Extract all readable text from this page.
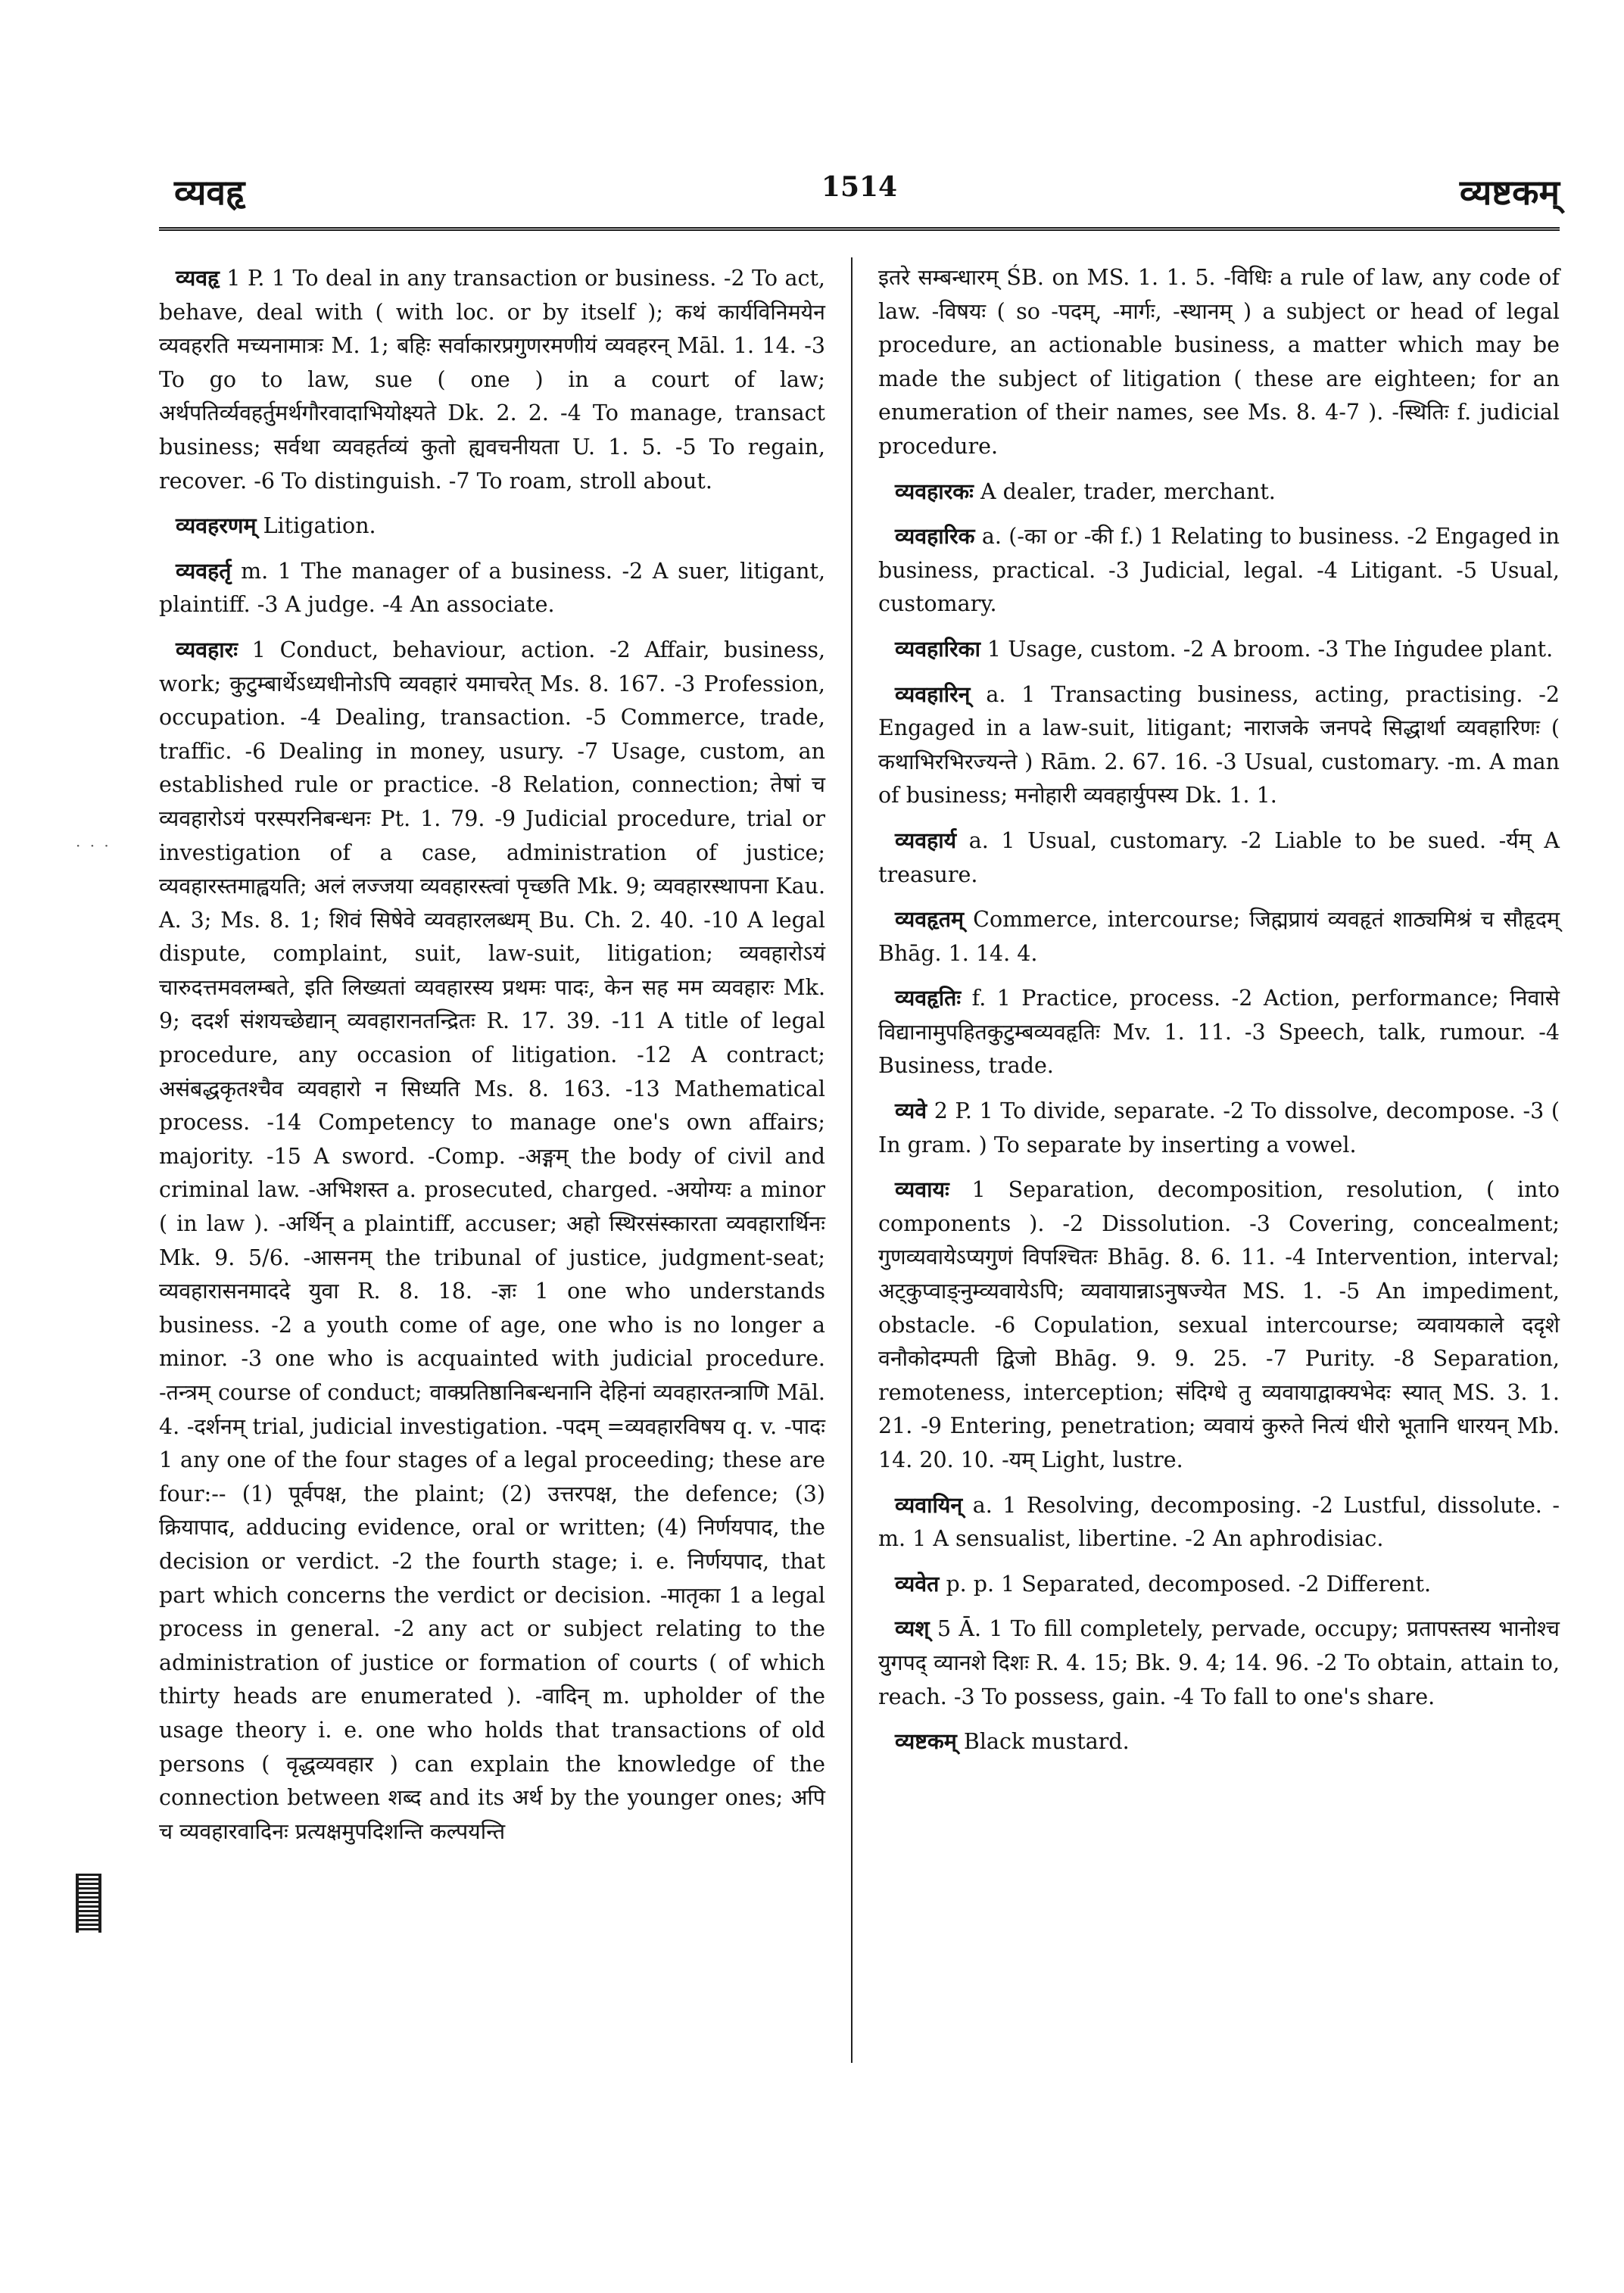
व्यवहृ	1514	व्यष्टकम्
· · ·

व्यवहृ 1 P. 1 To deal in any transaction or business. -2 To act, behave, deal with ( with loc. or by itself ); कथं कार्यविनिमयेन व्यवहरति मच्यनामात्रः M. 1; बहिः सर्वाकारप्रगुणरमणीयं व्यवहरन् Māl. 1. 14. -3 To go to law, sue ( one ) in a court of law; अर्थपतिर्व्यवहर्तुमर्थगौरवादाभियोक्ष्यते Dk. 2. 2. -4 To manage, transact business; सर्वथा व्यवहर्तव्यं कुतो ह्यवचनीयता U. 1. 5. -5 To regain, recover. -6 To distinguish. -7 To roam, stroll about.

व्यवहरणम् Litigation.

व्यवहर्तृ m. 1 The manager of a business. -2 A suer, litigant, plaintiff. -3 A judge. -4 An associate.

व्यवहारः 1 Conduct, behaviour, action. -2 Affair, business, work; कुटुम्बार्थेऽध्यधीनोऽपि व्यवहारं यमाचरेत् Ms. 8. 167. -3 Profession, occupation. -4 Dealing, transaction. -5 Commerce, trade, traffic. -6 Dealing in money, usury. -7 Usage, custom, an established rule or practice. -8 Relation, connection; तेषां च व्यवहारोऽयं परस्परनिबन्धनः Pt. 1. 79. -9 Judicial procedure, trial or investigation of a case, administration of justice; व्यवहारस्तमाह्वयति; अलं लज्जया व्यवहारस्त्वां पृच्छति Mk. 9; व्यवहारस्थापना Kau. A. 3; Ms. 8. 1; शिवं सिषेवे व्यवहारलब्धम् Bu. Ch. 2. 40. -10 A legal dispute, complaint, suit, law-suit, litigation; व्यवहारोऽयं चारुदत्तमवलम्बते, इति लिख्यतां व्यवहारस्य प्रथमः पादः, केन सह मम व्यवहारः Mk. 9; ददर्श संशयच्छेद्यान् व्यवहारानतन्द्रितः R. 17. 39. -11 A title of legal procedure, any occasion of litigation. -12 A contract; असंबद्धकृतश्चैव व्यवहारो न सिध्यति Ms. 8. 163. -13 Mathematical process. -14 Competency to manage one's own affairs; majority. -15 A sword. -Comp. -अङ्गम् the body of civil and criminal law. -अभिशस्त a. prosecuted, charged. -अयोग्यः a minor ( in law ). -अर्थिन् a plaintiff, accuser; अहो स्थिरसंस्कारता व्यवहारार्थिनः Mk. 9. 5/6. -आसनम् the tribunal of justice, judgment-seat; व्यवहारासनमाददे युवा R. 8. 18. -ज्ञः 1 one who understands business. -2 a youth come of age, one who is no longer a minor. -3 one who is acquainted with judicial procedure. -तन्त्रम् course of conduct; वाक्प्रतिष्ठानिबन्धनानि देहिनां व्यवहारतन्त्राणि Māl. 4. -दर्शनम् trial, judicial investigation. -पदम् =व्यवहारविषय q. v. -पादः 1 any one of the four stages of a legal proceeding; these are four:-- (1) पूर्वपक्ष, the plaint; (2) उत्तरपक्ष, the defence; (3) क्रियापाद, adducing evidence, oral or written; (4) निर्णयपाद, the decision or verdict. -2 the fourth stage; i. e. निर्णयपाद, that part which concerns the verdict or decision. -मातृका 1 a legal process in general. -2 any act or subject relating to the administration of justice or formation of courts ( of which thirty heads are enumerated ). -वादिन् m. upholder of the usage theory i. e. one who holds that transactions of old persons ( वृद्धव्यवहार ) can explain the knowledge of the connection between शब्द and its अर्थ by the younger ones; अपि च व्यवहारवादिनः प्रत्यक्षमुपदिशन्ति कल्पयन्ति

इतरे सम्बन्धारम् ŚB. on MS. 1. 1. 5. -विधिः a rule of law, any code of law. -विषयः ( so -पदम्, -मार्गः, -स्थानम् ) a subject or head of legal procedure, an actionable business, a matter which may be made the subject of litigation ( these are eighteen; for an enumeration of their names, see Ms. 8. 4-7 ). -स्थितिः f. judicial procedure.

व्यवहारकः A dealer, trader, merchant.

व्यवहारिक a. (-का or -की f.) 1 Relating to business. -2 Engaged in business, practical. -3 Judicial, legal. -4 Litigant. -5 Usual, customary.

व्यवहारिका 1 Usage, custom. -2 A broom. -3 The Iṅgudee plant.

व्यवहारिन् a. 1 Transacting business, acting, practising. -2 Engaged in a law-suit, litigant; नाराजके जनपदे सिद्धार्था व्यवहारिणः ( कथाभिरभिरज्यन्ते ) Rām. 2. 67. 16. -3 Usual, customary. -m. A man of business; मनोहारी व्यवहार्युपस्य Dk. 1. 1.

व्यवहार्य a. 1 Usual, customary. -2 Liable to be sued. -र्यम् A treasure.

व्यवहृतम् Commerce, intercourse; जिह्मप्रायं व्यवहृतं शाठ्यमिश्रं च सौहृदम् Bhāg. 1. 14. 4.

व्यवहृतिः f. 1 Practice, process. -2 Action, performance; निवासे विद्यानामुपहितकुटुम्बव्यवहृतिः Mv. 1. 11. -3 Speech, talk, rumour. -4 Business, trade.

व्यवे 2 P. 1 To divide, separate. -2 To dissolve, decompose. -3 ( In gram. ) To separate by inserting a vowel.

व्यवायः 1 Separation, decomposition, resolution, ( into components ). -2 Dissolution. -3 Covering, concealment; गुणव्यवायेऽप्यगुणं विपश्चितः Bhāg. 8. 6. 11. -4 Intervention, interval; अट्कुप्वाङ्नुम्व्यवायेऽपि; व्यवायान्नाऽनुषज्येत MS. 1. -5 An impediment, obstacle. -6 Copulation, sexual intercourse; व्यवायकाले ददृशे वनौकोदम्पती द्विजो Bhāg. 9. 9. 25. -7 Purity. -8 Separation, remoteness, interception; संदिग्धे तु व्यवायाद्वाक्यभेदः स्यात् MS. 3. 1. 21. -9 Entering, penetration; व्यवायं कुरुते नित्यं धीरो भूतानि धारयन् Mb. 14. 20. 10. -यम् Light, lustre.

व्यवायिन् a. 1 Resolving, decomposing. -2 Lustful, dissolute. -m. 1 A sensualist, libertine. -2 An aphrodisiac.

व्यवेत p. p. 1 Separated, decomposed. -2 Different.

व्यश् 5 Ā. 1 To fill completely, pervade, occupy; प्रतापस्तस्य भानोश्च युगपद् व्यानशे दिशः R. 4. 15; Bk. 9. 4; 14. 96. -2 To obtain, attain to, reach. -3 To possess, gain. -4 To fall to one's share.

व्यष्टकम् Black mustard.
